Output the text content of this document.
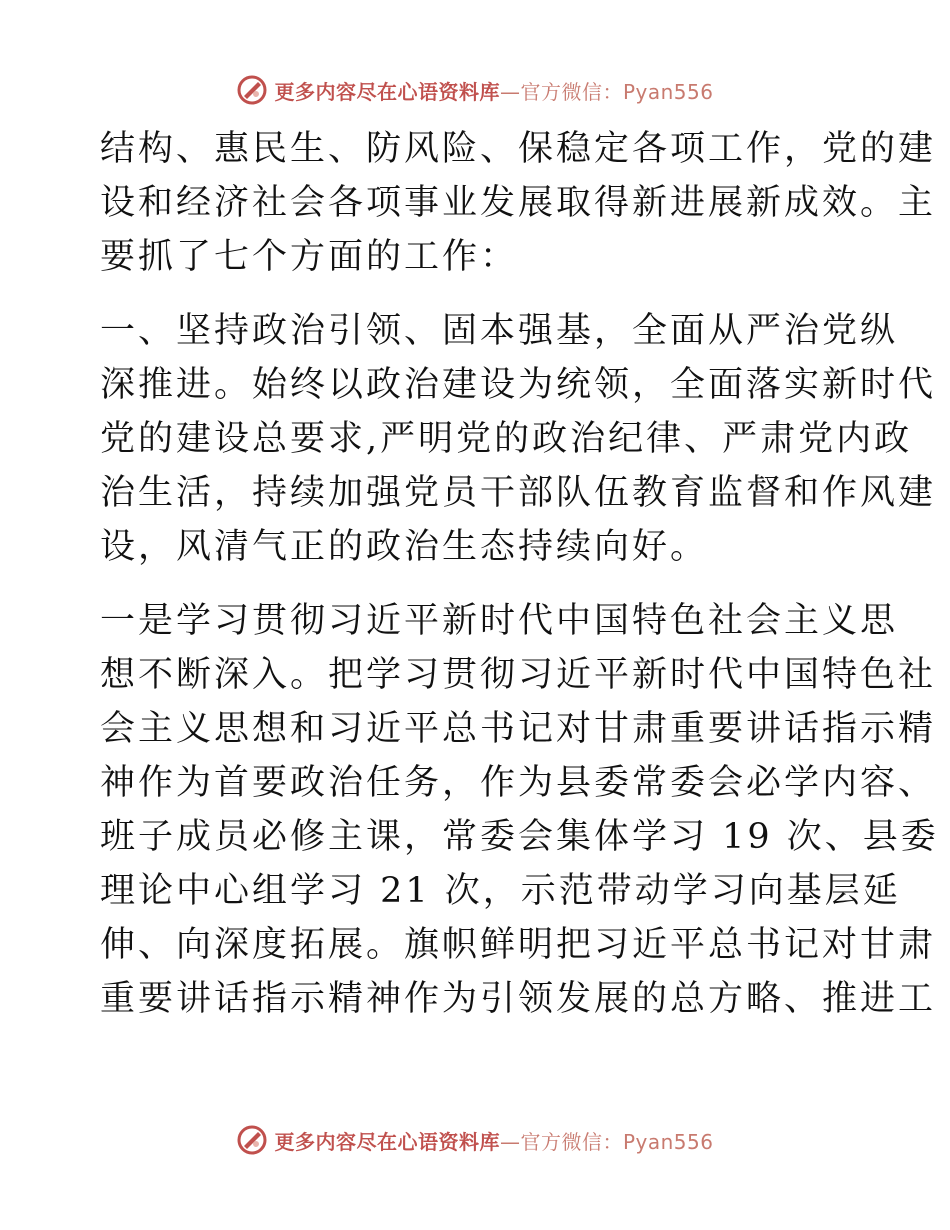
更多内容尽在心语资料库—官方微信：Pyan556
结构、惠民生、防风险、保稳定各项工作，党的建
设和经济社会各项事业发展取得新进展新成效。主
要抓了七个方面的工作：
一、坚持政治引领、固本强基，全面从严治党纵
深推进。始终以政治建设为统领，全面落实新时代
党的建设总要求,严明党的政治纪律、严肃党内政
治生活，持续加强党员干部队伍教育监督和作风建
设，风清气正的政治生态持续向好。
一是学习贯彻习近平新时代中国特色社会主义思
想不断深入。把学习贯彻习近平新时代中国特色社
会主义思想和习近平总书记对甘肃重要讲话指示精
神作为首要政治任务，作为县委常委会必学内容、
班子成员必修主课，常委会集体学习 19 次、县委
理论中心组学习 21 次，示范带动学习向基层延
伸、向深度拓展。旗帜鲜明把习近平总书记对甘肃
重要讲话指示精神作为引领发展的总方略、推进工
更多内容尽在心语资料库—官方微信：Pyan556
